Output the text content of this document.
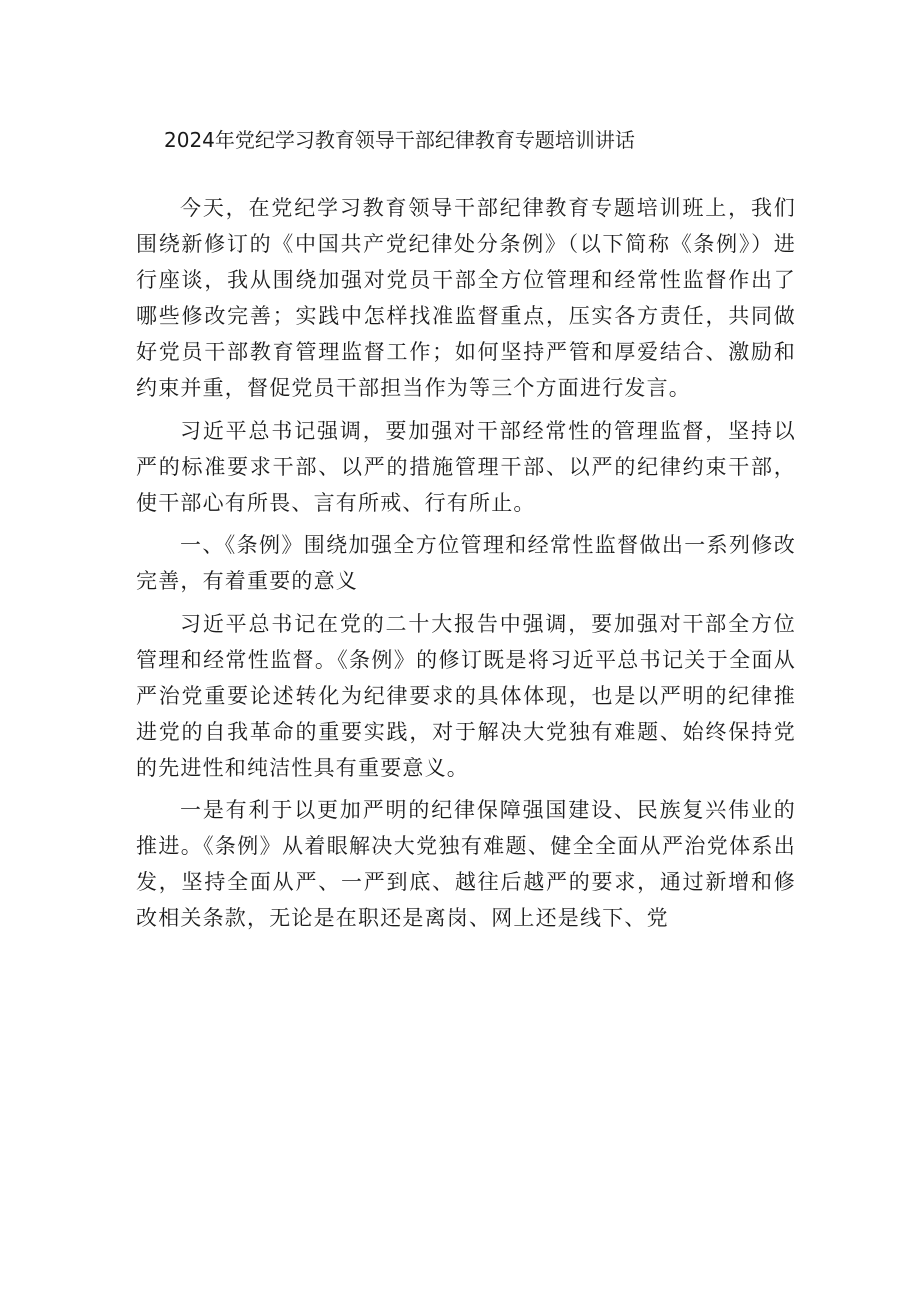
2024年党纪学习教育领导干部纪律教育专题培训讲话

今天，在党纪学习教育领导干部纪律教育专题培训班上，我们围绕新修订的《中国共产党纪律处分条例》（以下简称《条例》）进行座谈，我从围绕加强对党员干部全方位管理和经常性监督作出了哪些修改完善；实践中怎样找准监督重点，压实各方责任，共同做好党员干部教育管理监督工作；如何坚持严管和厚爱结合、激励和约束并重，督促党员干部担当作为等三个方面进行发言。

习近平总书记强调，要加强对干部经常性的管理监督，坚持以严的标准要求干部、以严的措施管理干部、以严的纪律约束干部，使干部心有所畏、言有所戒、行有所止。

一、《条例》围绕加强全方位管理和经常性监督做出一系列修改完善，有着重要的意义

习近平总书记在党的二十大报告中强调，要加强对干部全方位管理和经常性监督。《条例》的修订既是将习近平总书记关于全面从严治党重要论述转化为纪律要求的具体体现，也是以严明的纪律推进党的自我革命的重要实践，对于解决大党独有难题、始终保持党的先进性和纯洁性具有重要意义。

一是有利于以更加严明的纪律保障强国建设、民族复兴伟业的推进。《条例》从着眼解决大党独有难题、健全全面从严治党体系出发，坚持全面从严、一严到底、越往后越严的要求，通过新增和修改相关条款，无论是在职还是离岗、网上还是线下、党
